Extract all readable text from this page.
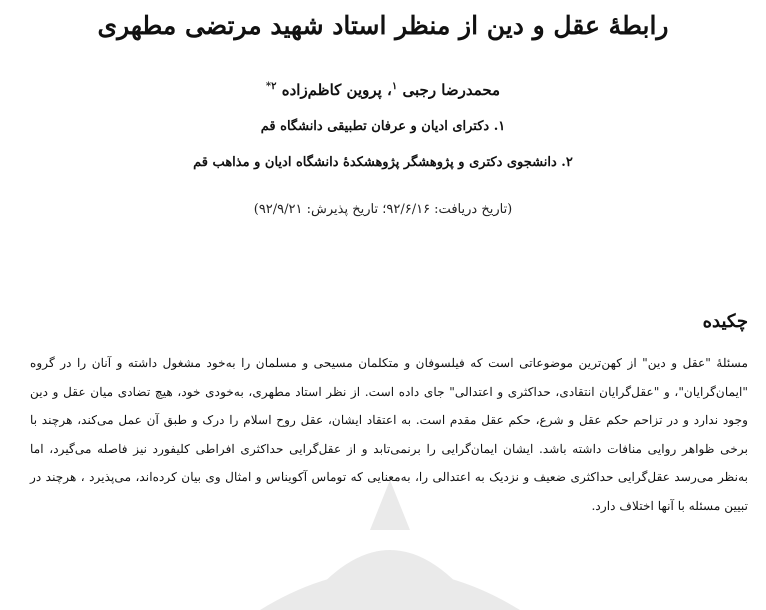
رابطهٔ عقل و دین از منظر استاد شهید مرتضی مطهری
محمدرضا رجبی $^۱$، پروین کاظم‌زاده $^{۲*}$
۱. دکترای ادیان و عرفان تطبیقی دانشگاه قم
۲. دانشجوی دکتری و پژوهشگر پژوهشکدهٔ دانشگاه ادیان و مذاهب قم
(تاریخ دریافت: ۹۲/۶/۱۶؛ تاریخ پذیرش: ۹۲/۹/۲۱)
چکیده
مسئلهٔ "عقل و دین" از کهن‌ترین موضوعاتی است که فیلسوفان و متکلمان مسیحی و مسلمان را به‌خود مشغول داشته و آنان را در گروه "ایمان‌گرایان"، و "عقل‌گرایان انتقادی، حداکثری و اعتدالی" جای داده است. از نظر استاد مطهری، به‌خودی خود، هیچ تضادی میان عقل و دین وجود ندارد و در تزاحم حکم عقل و شرع، حکم عقل مقدم است. به اعتقاد ایشان، عقل روح اسلام را درک و طبق آن عمل می‌کند، هرچند با برخی ظواهر روایی منافات داشته باشد. ایشان ایمان‌گرایی را برنمی‌تابد و از عقل‌گرایی حداکثری افراطی کلیفورد نیز فاصله می‌گیرد، اما به‌نظر می‌رسد عقل‌گرایی حداکثری ضعیف و نزدیک به اعتدالی را، به‌معنایی که توماس آکویناس و امثال وی بیان کرده‌اند، می‌پذیرد ، هرچند در تبیین مسئله با آنها اختلاف دارد.
